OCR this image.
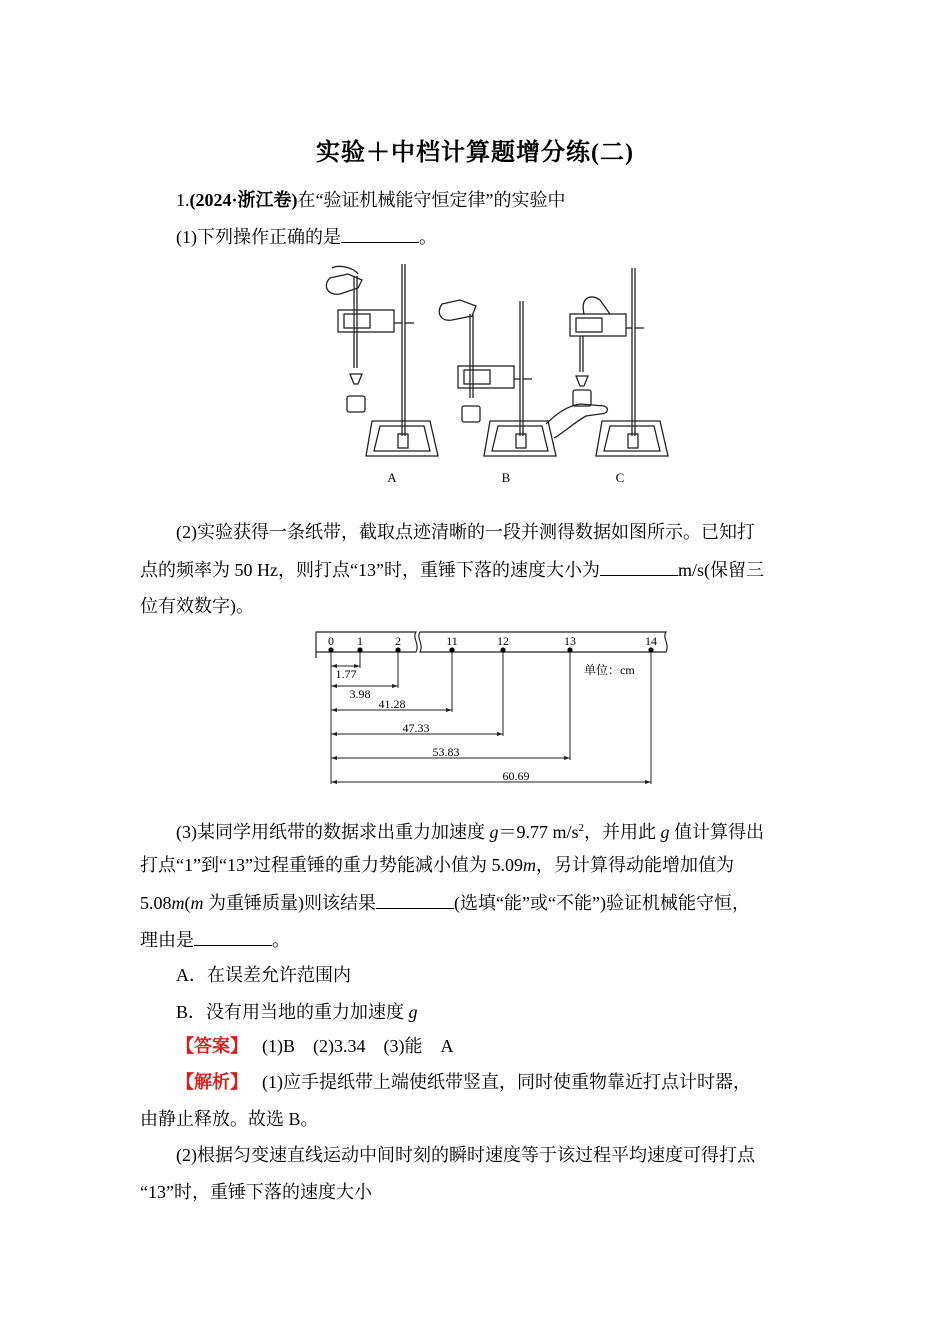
实验＋中档计算题增分练(二)
1.(2024·浙江卷)在“验证机械能守恒定律”的实验中
(1)下列操作正确的是	。
A	B	C
(2)实验获得一条纸带，截取点迹清晰的一段并测得数据如图所示。已知打
点的频率为 50 Hz，则打点“13”时，重锤下落的速度大小为	m/s(保留三
位有效数字)。
0 1	2	11	12	13	14
1.77
3.98
41.28
47.33
53.83
60.69
单位：cm
(3)某同学用纸带的数据求出重力加速度 g＝9.77 $m/s^2$，并用此 g 值计算得出
打点“1”到“13”过程重锤的重力势能减小值为 5.09m，另计算得动能增加值为
5.08m(m 为重锤质量)则该结果	(选填“能”或“不能”)验证机械能守恒，
理由是	。
A．在误差允许范围内
B．没有用当地的重力加速度 g
【答案】 (1)B　(2)3.34　(3)能　A
【解析】 (1)应手提纸带上端使纸带竖直，同时使重物靠近打点计时器，
由静止释放。故选 B。
(2)根据匀变速直线运动中间时刻的瞬时速度等于该过程平均速度可得打点
“13”时，重锤下落的速度大小
